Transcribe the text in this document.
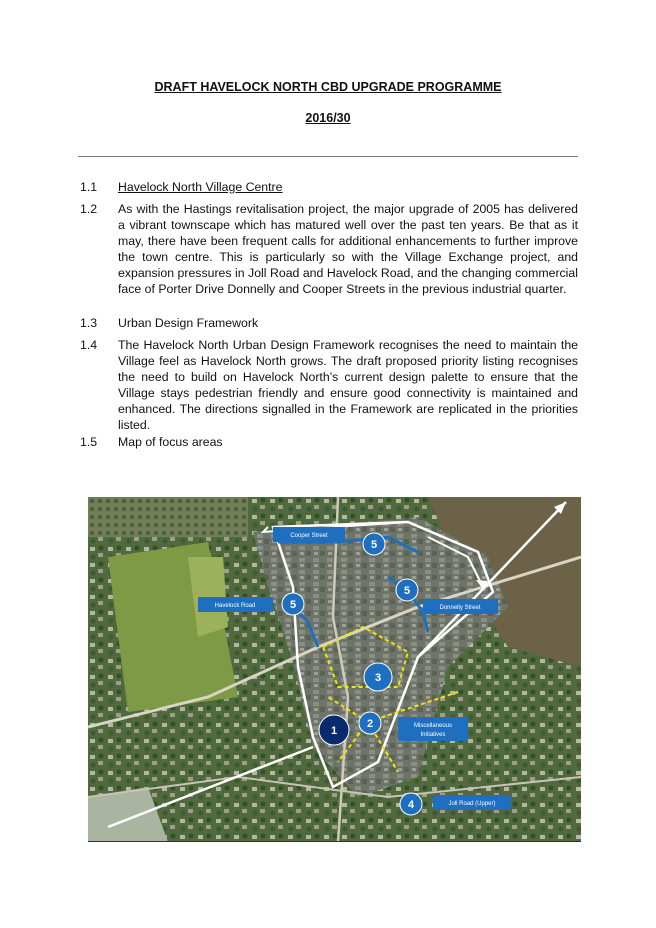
DRAFT HAVELOCK NORTH CBD UPGRADE PROGRAMME
2016/30
1.1	Havelock North Village Centre
1.2	As with the Hastings revitalisation project, the major upgrade of 2005 has delivered a vibrant townscape which has matured well over the past ten years. Be that as it may, there have been frequent calls for additional enhancements to further improve the town centre. This is particularly so with the Village Exchange project, and expansion pressures in Joll Road and Havelock Road, and the changing commercial face of Porter Drive Donnelly and Cooper Streets in the previous industrial quarter.
1.3	Urban Design Framework
1.4	The Havelock North Urban Design Framework recognises the need to maintain the Village feel as Havelock North grows. The draft proposed priority listing recognises the need to build on Havelock North’s current design palette to ensure that the Village stays pedestrian friendly and ensure good connectivity is maintained and enhanced. The directions signalled in the Framework are replicated in the priorities listed.
1.5	Map of focus areas
Cooper Street
Havelock Road	Donnelly Street
Miscellaneous
Initiatives
Joll Road (Upper)
5
5
5
3
2
1
4
